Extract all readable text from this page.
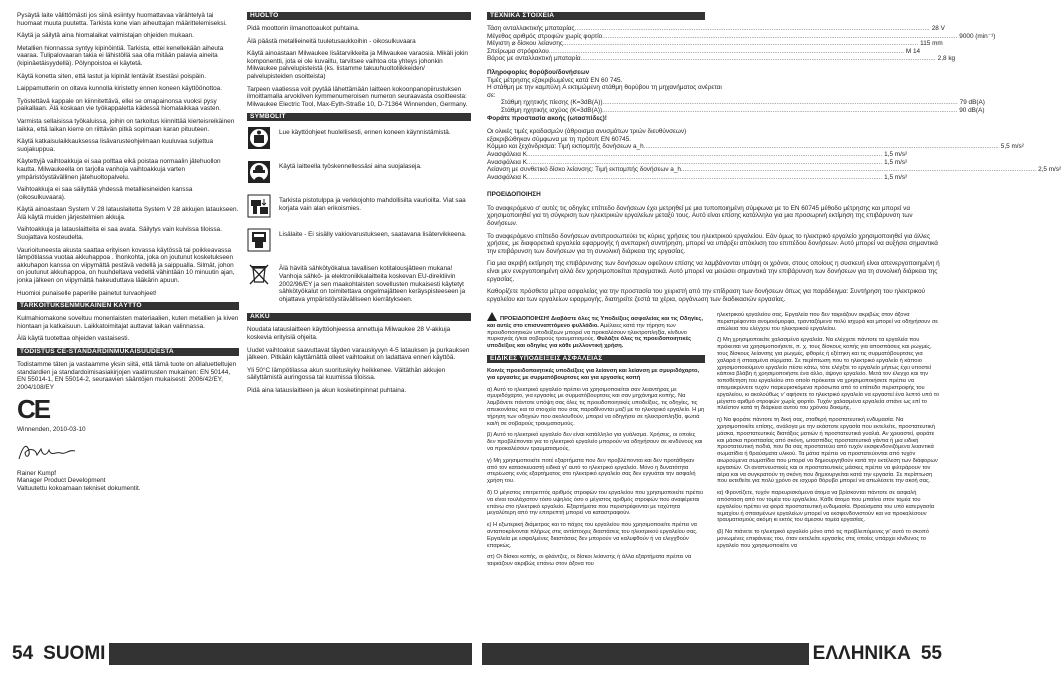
Pysäytä laite välittömästi jos siinä esiintyy huomattavaa värähtelyä tai huomaat muuta puutetta. Tarkista kone vian aiheuttajan määrittelemiseksi.

Käytä ja säilytä aina hiomalaikat valmistajan ohjeiden mukaan.

Metallien hionnassa syntyy kipinöintiä. Tarkista, ettei kenellekään aiheuta vaaraa. Tulipalovaaran takia ei lähistöllä saa olla mitään palavia aineita (kipinäetäisyydellä). Pölynpoistoa ei käytetä.

Käytä konetta siten, että lastut ja kipinät lentävät itsestäsi poispäin.

Laippamutterin on oltava kunnolla kiristetty ennen koneen käyttöönottoa.

Työstettävä kappale on kiinnitettävä, ellei se omapainonsa vuoksi pysy paikallaan. Älä koskaan vie työkappaletta kädessä hiomalaikkaa vasten.

Varmista sellaisissa työkaluissa, joihin on tarkoitus kiinnittää kierteisreikäinen laikka, että laikan kierre on riittävän pitkä sopimaan karan pituuteen.

Käytä katkaisulaikkauksessa lisävarusteohjelmaan kuuluvaa suljettua suojakuppua.

Käytettyjä vaihtoakkuja ei saa polttaa eikä poistaa normaalin jätehuollon kautta. Milwaukeella on tarjolla vanhoja vaihtoakkuja varten ympäristöystävällinen jätehuoltopalvelu.

Vaihtoakkuja ei saa säilyttää yhdessä metalliesineiden kanssa (oikosulkuvaara).

Käytä ainoastaan System V 28 latauslaitetta System V 28 akkujen lataukseen. Älä käytä muiden järjestelmien akkuja.

Vaihtoakkuja ja latauslaitteita ei saa avata. Säilytys vain kuivissa tiloissa. Suojattava kosteudelta.

Vaurioituneesta akusta saattaa erityisen kovassa käytössä tai poikkeavassa lämpötilassa vuotaa akkuhappoa . Ihonkohta, joka on joutunut kosketukseen akkuhapon kanssa on viipymättä pestävä vedellä ja saippualla. Silmät, johon on joutunut akkuhappoa, on huuhdeltava vedellä vähintään 10 minuutin ajan, jonka jälkeen on viipymättä hakeuduttava lääkärin apuun.

Huomioi punaiselle paperille painetut turvaohjeet!

TARKOITUKSENMUKAINEN KÄYTTÖ

Kulmahiomakone soveltuu monenlaisten materiaalien, kuten metallien ja kiven hiontaan ja katkaisuun. Laikkatoimitajat auttavat laikan valinnassa.

Älä käytä tuotettaa ohjeiden vastaisesti.

TODISTUS CE-STANDARDINMUKAISUUDESTA

Todistamme täten ja vastaamme yksin siitä, että tämä tuote on allaluetteltujen standardien ja standardoimisasiakirjojen vaatimusten mukainen: EN 50144, EN 55014-1, EN 55014-2, seuraavien sääntöjen mukaisesti: 2006/42/EY, 2004/108/EY

CE

Winnenden, 2010-03-10

Rainer Kumpf
Manager Product Development
Valtuutettu kokoamaan tekniset dokumentit.
HUOLTO

Pidä moottorin ilmanottoaukot puhtaina.

Älä päästä metallieineitä tuuletusaukkoihin - oikosulkuvaara

Käytä ainoastaan Milwaukee lisätarvikkeita ja Milwaukee varaosia. Mikäli jokin komponentti, jota ei ole kuvailtu, tarvitsee vaihtoa ota yhteys johonkin Milwaukee palvelupisteistä (ks. listamme takuuhuoltoliikkeiden/ palvelupisteiden osoitteista)

Tarpeen vaatiessa voit pyytää lähettämään laitteen kokoonpanopiirustuksen ilmoittamalla arvokilven kymmenumeroisen numeron seuraavasta osoitteesta: Milwaukee Electric Tool, Max-Eyth-Straße 10, D-71364 Winnenden, Germany.

SYMBOLIT
Lue käyttöohjeet huolellisesti, ennen koneen käynnistämistä.
Käytä laitteella työskennellessäsi aina suojalaseja.
Tarkista pistotulppa ja verkkojohto mahdollisilta vaurioilta. Viat saa korjata vain alan erikoismies.
Lisälaite - Ei sisälly vakiovarustukseen, saatavana lisätervikkeena.
Älä hävitä sähkötyökalua tavallisen kotitalousjätteen mukana! Vanhoja sähkö- ja elektroniikkalaitteita koskevan EU-direktiivin 2002/96/EY ja sen maakohtaisten sovellusten mukaisesti käytetyt sähkötyökalut on toimitettava ongelmajätteen keräyspisteeseen ja ohjattava ympäristöystävälliseen kierrätykseen.
AKKU

Noudata latauslaitteen käyttöohjeessa annettuja Milwaukee 28 V-akkuja koskevia erityisiä ohjeita.

Uudet vaihtoakut saavuttavat täyden varauskyvyn 4-5 latauksen ja purkauksen jälkeen. Pitkään käyttämättä olleet vaihtoakut on ladattava ennen käyttöä.

Yli 50°C lämpötilassa akun suorituskyky heikkenee. Vältäthän akkujen säilyttämistä auringossa tai kuumissa tiloissa.

Pidä aina latauslaitteen ja akun kosketinpinnat puhtaina.

ΤΕΧΝΙΚΑ ΣΤΟΙΧΕΙΑ
Τάση ανταλλακτικής μπαταρίας ........................................................................................................................................................................................................ 28 V
Μέγεθος αριθμός στροφών χωρίς φορτίο ........................................................................................................................................................................................................ 9000 (min⁻¹)
Μέγιστη ⌀ δίσκου λείανσης ........................................................................................................................................................................................................ 115 mm
Σπείρωμα στρόφαλου ........................................................................................................................................................................................................ M 14
Βάρος με ανταλλακτική μπαταρία ........................................................................................................................................................................................................ 2,8 kg
Πληροφορίες θορύβου/δονήσεων
Τιμές μέτρησης εξακριβωμένες κατά EN 60 745.
Η στάθμη με την καμπύλη A εκτιμώμενη στάθμη θορύβου τη μηχανήματος ανέρεται σε:
Στάθμη ηχητικής πίεσης (K=3dB(A)) ........................................................................................................................................................................................................ 79 dB(A)
Στάθμη ηχητικής ισχύος (K=3dB(A)) ........................................................................................................................................................................................................ 90 dB(A)
Φοράτε προστασία ακοής (ωτασπίδες)!
Οι ολικές τιμές κραδασμών (άθροισμα ανυσμάτων τριών διευθύνσεων) εξακριβώθηκαν σύμφωνα με τη πρότυπ EN 60745.
Κόμμιο και ξεχόνδρισμα: Τιμή εκπομπής δονήσεων a_h ........................................................................................................................................................................................................ 5,5 m/s²
Ανασφάλεια K ........................................................................................................................................................................................................ 1,5 m/s²
Ανασφάλεια K ........................................................................................................................................................................................................ 1,5 m/s²
Λείανση με συνθετικό δίσκο λείανσης: Τιμή εκπομπής δονήσεων a_h ........................................................................................................................................................................................................ 2,5 m/s²
Ανασφάλεια K ........................................................................................................................................................................................................ 1,5 m/s²
ΠΡΟΕΙΔΟΠΟΙΗΣΗ

Το αναφερόμενο σ' αυτές τις οδηγίες επίπεδο δονήσεων έχει μετρηθεί με μια τυποποιημένη σύμφωνα με το EN 60745 μέθοδο μέτρησης και μπορεί να χρησιμοποιηθεί για τη σύγκριση των ηλεκτρικών εργαλείων μεταξύ τους. Αυτό είναι επίσης κατάλληλο για μια προσωρινή εκτίμηση της επιβάρυνση των δονήσεων.

Το αναφερόμενο επίπεδο δονήσεων αντιπροσωπεύει τις κύριες χρήσεις του ηλεκτρικού εργαλείου. Εάν όμως το ηλεκτρικό εργαλείο χρησιμοποιηθεί για άλλες χρήσεις, με διαφορετικά εργαλεία εφαρμογής ή ανεπαρκή συντήρηση, μπορεί να υπάρξει απόκλιση του επιπέδου δονήσεων. Αυτό μπορεί να αυξήσει σημαντικά την επιβάρυνση των δονήσεων για τη συνολική διάρκεια της εργασίας.

Για μια ακριβή εκτίμηση της επιβάρυνσης των δονήσεων οφείλουν επίσης να λαμβάνονται υπόψη οι χρόνοι, στους οποίους η συσκευή είναι απενεργοποιημένη ή είναι μεν ενεργοποιημένη αλλά δεν χρησιμοποιείται πραγματικά. Αυτό μπορεί να μειώσει σημαντικά την επιβάρυνση των δονήσεων για τη συνολική διάρκεια της εργασίας.

Καθορίζετε πρόσθετα μέτρα ασφαλείας για την προστασία του χειριστή από την επίδραση των δονήσεων όπως για παράδειγμα: Συντήρηση του ηλεκτρικού εργαλείου και των εργαλείων εφαρμογής, διατηρείτε ζεστά τα χέρια, οργάνωση των διαδικασιών εργασίας.

ΠΡΟΕΙΔΟΠΟΙΗΣΗ! Διαβάστε όλες τις Υποδείξεις ασφαλείας και τις Οδηγίες, και αυτές στο επισυναπτόμενο φυλλάδιο. Αμέλειες κατά την τήρηση των προειδοποιητικών υποδείξεων μπορεί να προκαλέσουν ηλεκτροπληξία, κίνδυνο πυρκαγιάς ή/και σοβαρούς τραυματισμούς. Φυλάξτε όλες τις προειδοποιητικές υποδείξεις και οδηγίες για κάθε μελλοντική χρήση.

ΕΙΔΙΚΕΣ ΥΠΟΔΕΙΞΕΙΣ ΑΣΦΑΛΕΙΑΣ

Κοινές προειδοποιητικές υποδείξεις για λείανση και λείανση με σμυριδόχαρτο, για εργασίες με συρματόβουρτσες και για εργασίες κοπή

α) Αυτό το ηλεκτρικό εργαλείο πρέπει να χρησιμοποιείται σαν λειαντήρας με σμυριδόχαρτο, για εργασίες με συρματόβουρτσες και σαν μηχάνημα κοπής. Να λαμβάνετε πάντοτε υπόψη σας όλες τις προειδοποιητικές υποδείξεις, τις οδηγίες, τις απεικονίσεις και τα στοιχεία που σας παραδίνονται μαζί με το ηλεκτρικό εργαλείο. Η μη τήρηση των οδηγιών που ακολουθούν, μπορεί να οδηγήσει σε ηλεκτροπληξία, φωτιά και/ή σε σοβαρούς τραυματισμούς.

β) Αυτό το ηλεκτρικό εργαλείο δεν είναι κατάλληλο για γυάλισμα. Χρήσεις, οι οποίες δεν προβλέπονται για το ηλεκτρικό εργαλείο μπορούν να οδηγήσουν σε κινδύνους και να προκαλέσουν τραυματισμούς.

γ) Μη χρησιμοποιείτε ποτέ εξαρτήματα που δεν προβλέπονται και δεν προτάθηκαν από τον κατασκευαστή ειδικά γι' αυτό το ηλεκτρικό εργαλείο. Μόνο η δυνατότητα στερέωσης ενός εξαρτήματος στο ηλεκτρικό εργαλείο σας δεν εγγυάται την ασφαλή χρήση του.

δ) Ο μέγιστος επιτρεπτός αριθμός στροφών του εργαλείου που χρησιμοποιείτε πρέπει να είναι τουλάχιστον τόσο υψηλός όσο ο μέγιστος αριθμός στροφών που αναφέρεται επάνω στο ηλεκτρικό εργαλείο. Εξαρτήματα που περιστρέφονται με ταχύτητα μεγαλύτερη από την επιτρεπτή μπορεί να καταστραφούν.

ε) Η εξωτερική διάμετρος και το πάχος του εργαλείου που χρησιμοποιείτε πρέπει να ανταποκρίνονται πλήρως στις αντίστοιχες διαστάσεις του ηλεκτρικού εργαλείου σας. Εργαλεία με εσφαλμένες διαστάσεις δεν μπορούν να καλυφθούν ή να ελεγχθούν επαρκώς.

στ) Οι δίσκοι κοπής, οι φλάντζες, οι δίσκοι λείανσης ή άλλα εξαρτήματα πρέπει να ταιριάζουν ακριβώς επάνω στον άξονα του

ηλεκτρικού εργαλείου σας. Εργαλεία που δεν ταιριάζουν ακριβώς στον άξονα περιστρέφονται ανομοιόμορφα, τρανταζόμενα πολύ ισχυρά και μπορεί να οδηγήσουν σε απώλεια του ελέγχου του ηλεκτρικού εργαλείου.

ζ) Μη χρησιμοποιείτε χαλασμένα εργαλεία. Να ελέγχετε πάντοτε τα εργαλεία που πρόκειται να χρησιμοποιήσετε, π. χ. τους δίσκους κοπής για αποσπάσεις και ρωγμές, τους δίσκους λείανσης για ρωγμές, φθορές ή εξέτηκη και τις συρματόβουρτσες για χαλαρά ή σπασμένα σύρματα. Σε περίπτωση που το ηλεκτρικό εργαλείο ή κάποιο χρησιμοποιούμενο εργαλείο πέσει κάτω, τότε ελέγξτε το εργαλείο μήπως έχει υποστεί κάποια βλάβη ή χρησιμοποιήστε ένα άλλο, άψογο εργαλείο. Μετά τον έλεγχο και την τοποθέτηση του εργαλείου στο οποίο πρόκειται να χρησιμοποιήσετε πρέπει να απομακρύνετε τυχόν παρευρισκόμενα πρόσωπα από το επίπεδο περιστροφής του εργαλείου, κι ακολούθως ν' αφήσετε το ηλεκτρικό εργαλείο να εργαστεί ένα λεπτό υπό το μέγιστο αριθμό στροφών χωρίς φορτίο. Τυχόν χαλασμένα εργαλεία σπάνε ως επί το πλείστον κατά τη διάρκεια αυτού του χρόνου δοκιμής.

η) Να φοράτε πάντοτε τη δική σας, σταθερή προστατευτική ενδυμασία. Να χρησιμοποιείτε επίσης, ανάλογα με την εκάστοτε εργασία που εκτελείτε, προστατευτική μάσκα, προστατευτικές διατάξεις ματιών ή προστατευτικά γυαλιά. Αν χρειαστεί, φοράτε και μάσκα προστασίας από σκόνη, ωτασπίδες προστατευτικά γάντια ή μια ειδική προστατευτική ποδιά, που θα σας προστατεύει από τυχόν εκσφενδονιζόμενα λειαντικά σωματίδια ή θραύσματα υλικού. Τα μάτια πρέπει να προστατεύονται από τυχόν αιωρούμενα σωματίδια που μπορεί να δημιουργηθούν κατά την εκτέλεση των διάφορων εργασιών. Οι αναπνευστικές και οι προστατευτικές μάσκες πρέπει να φιλτράρουν τον αέρα και να συγκρατούν τη σκόνη που δημιουργείται κατά την εργασία. Σε περίπτωση που εκτεθείτε για πολύ χρόνο σε ισχυρό θόρυβο μπορεί να απωλέσετε την ακοή σας.

ια) Φροντίζετε, τυχόν παρευρισκόμενα άτομα να βρίσκονται πάντοτε σε ασφαλή απόσταση από τον τομέα του εργαλείου. Κάθε άτομο που μπαίνει στον τομέα του εργαλείου πρέπει να φορά προστατευτική ενδυμασία. Θραύσματα του υπό κατεργασία τεμαχίου ή σπασμένων εργαλείων μπορεί να εκσφενδονιστούν και να προκαλέσουν τραυματισμούς ακόμη κι εκτός του άμεσου τομέα εργασίας.

ιβ) Να πιάνετε το ηλεκτρικό εργαλείο μόνο από τις προβλεπόμενες γι' αυτό το σκοπό μονωμένες επιφάνειες του, όταν εκτελείτε εργασίες στις οποίες υπάρχει κίνδυνος το εργαλείο που χρησιμοποιείτε να

54 SUOMI	ΕΛΛΗΝΙΚΑ 55
